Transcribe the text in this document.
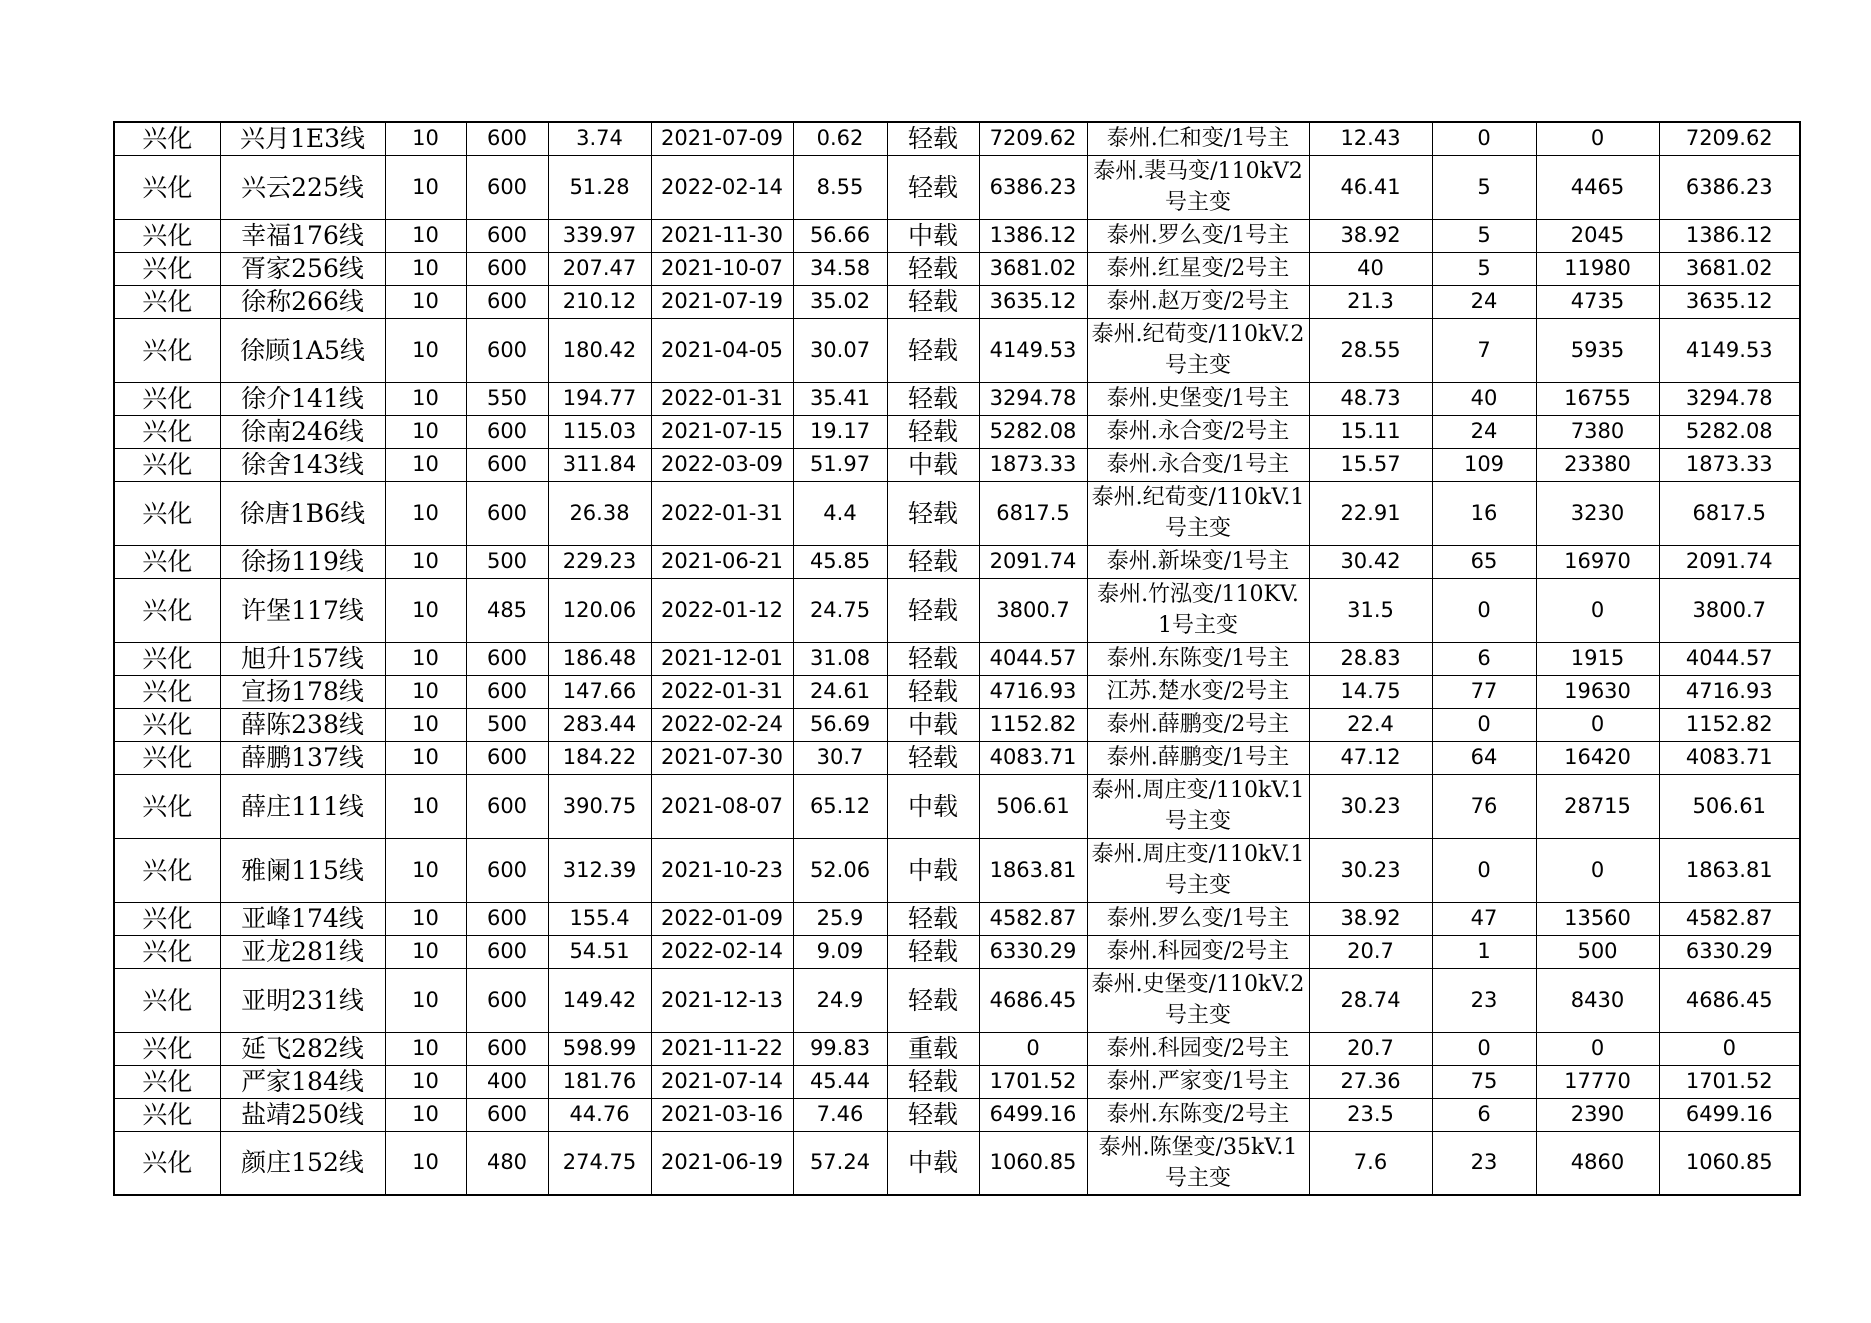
兴化	兴月1E3线	10	600	3.74	2021-07-09	0.62	轻载	7209.62	泰州.仁和变/1号主	12.43	0	0	7209.62
兴化	兴云225线	10	600	51.28	2022-02-14	8.55	轻载	6386.23	泰州.裴马变/110kV2号主变	46.41	5	4465	6386.23
兴化	幸福176线	10	600	339.97	2021-11-30	56.66	中载	1386.12	泰州.罗么变/1号主	38.92	5	2045	1386.12
兴化	胥家256线	10	600	207.47	2021-10-07	34.58	轻载	3681.02	泰州.红星变/2号主	40	5	11980	3681.02
兴化	徐称266线	10	600	210.12	2021-07-19	35.02	轻载	3635.12	泰州.赵万变/2号主	21.3	24	4735	3635.12
兴化	徐顾1A5线	10	600	180.42	2021-04-05	30.07	轻载	4149.53	泰州.纪荀变/110kV.2号主变	28.55	7	5935	4149.53
兴化	徐介141线	10	550	194.77	2022-01-31	35.41	轻载	3294.78	泰州.史堡变/1号主	48.73	40	16755	3294.78
兴化	徐南246线	10	600	115.03	2021-07-15	19.17	轻载	5282.08	泰州.永合变/2号主	15.11	24	7380	5282.08
兴化	徐舍143线	10	600	311.84	2022-03-09	51.97	中载	1873.33	泰州.永合变/1号主	15.57	109	23380	1873.33
兴化	徐唐1B6线	10	600	26.38	2022-01-31	4.4	轻载	6817.5	泰州.纪荀变/110kV.1号主变	22.91	16	3230	6817.5
兴化	徐扬119线	10	500	229.23	2021-06-21	45.85	轻载	2091.74	泰州.新垛变/1号主	30.42	65	16970	2091.74
兴化	许堡117线	10	485	120.06	2022-01-12	24.75	轻载	3800.7	泰州.竹泓变/110KV.1号主变	31.5	0	0	3800.7
兴化	旭升157线	10	600	186.48	2021-12-01	31.08	轻载	4044.57	泰州.东陈变/1号主	28.83	6	1915	4044.57
兴化	宣扬178线	10	600	147.66	2022-01-31	24.61	轻载	4716.93	江苏.楚水变/2号主	14.75	77	19630	4716.93
兴化	薛陈238线	10	500	283.44	2022-02-24	56.69	中载	1152.82	泰州.薛鹏变/2号主	22.4	0	0	1152.82
兴化	薛鹏137线	10	600	184.22	2021-07-30	30.7	轻载	4083.71	泰州.薛鹏变/1号主	47.12	64	16420	4083.71
兴化	薛庄111线	10	600	390.75	2021-08-07	65.12	中载	506.61	泰州.周庄变/110kV.1号主变	30.23	76	28715	506.61
兴化	雅阑115线	10	600	312.39	2021-10-23	52.06	中载	1863.81	泰州.周庄变/110kV.1号主变	30.23	0	0	1863.81
兴化	亚峰174线	10	600	155.4	2022-01-09	25.9	轻载	4582.87	泰州.罗么变/1号主	38.92	47	13560	4582.87
兴化	亚龙281线	10	600	54.51	2022-02-14	9.09	轻载	6330.29	泰州.科园变/2号主	20.7	1	500	6330.29
兴化	亚明231线	10	600	149.42	2021-12-13	24.9	轻载	4686.45	泰州.史堡变/110kV.2号主变	28.74	23	8430	4686.45
兴化	延飞282线	10	600	598.99	2021-11-22	99.83	重载	0	泰州.科园变/2号主	20.7	0	0	0
兴化	严家184线	10	400	181.76	2021-07-14	45.44	轻载	1701.52	泰州.严家变/1号主	27.36	75	17770	1701.52
兴化	盐靖250线	10	600	44.76	2021-03-16	7.46	轻载	6499.16	泰州.东陈变/2号主	23.5	6	2390	6499.16
兴化	颜庄152线	10	480	274.75	2021-06-19	57.24	中载	1060.85	泰州.陈堡变/35kV.1号主变	7.6	23	4860	1060.85
